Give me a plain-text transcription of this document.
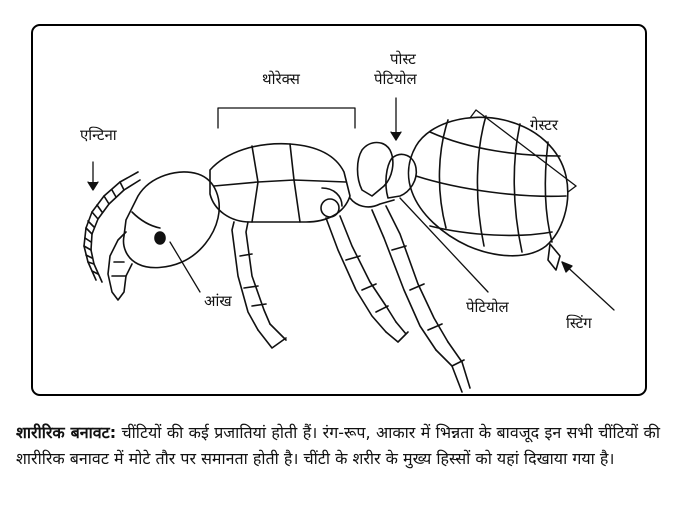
एन्टिना
थोरेक्स
पोस्ट
पेटियोल
गेस्टर
आंख	पेटियोल
स्टिंग
शारीरिक बनावट: चींटियों की कई प्रजातियां होती हैं। रंग-रूप, आकार में भिन्नता के बावजूद इन सभी चींटियों की शारीरिक बनावट में मोटे तौर पर समानता होती है। चींटी के शरीर के मुख्य हिस्सों को यहां दिखाया गया है।
